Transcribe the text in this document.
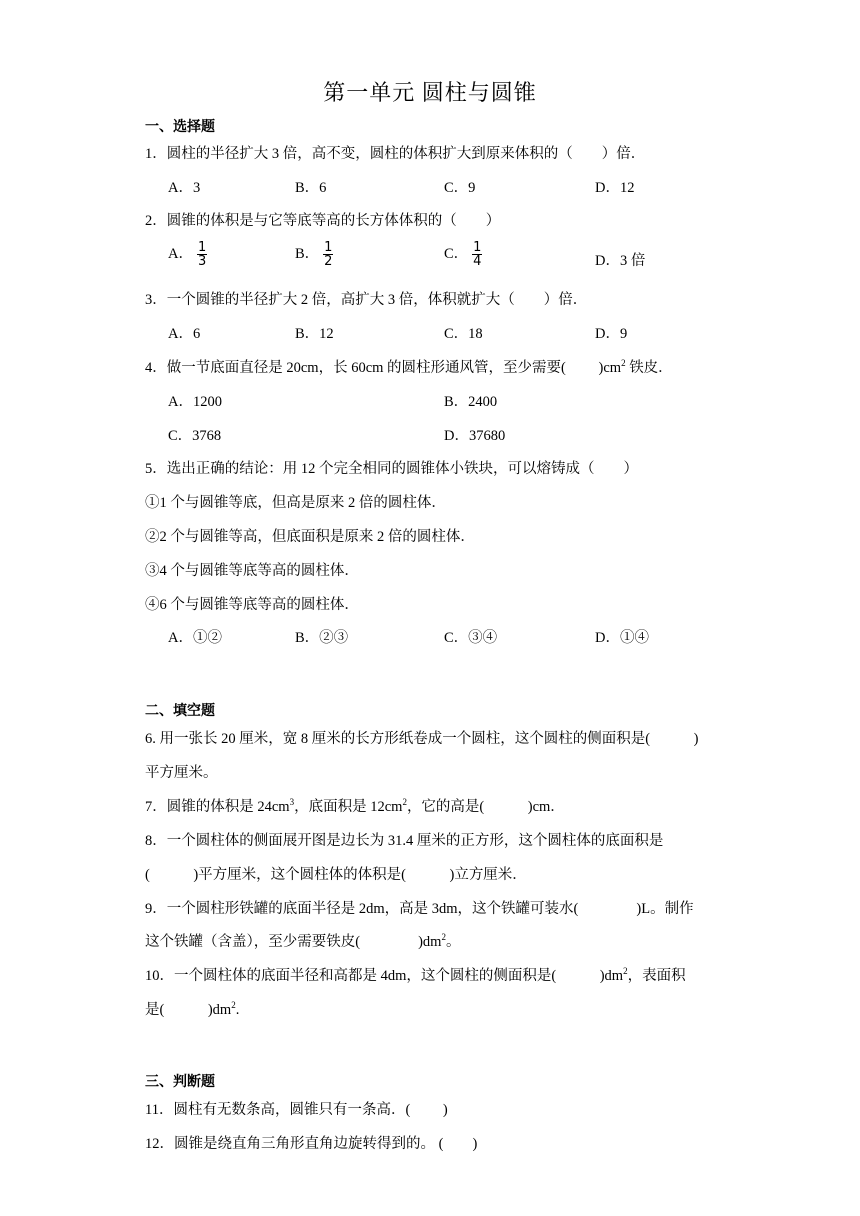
第一单元 圆柱与圆锥
一、选择题
1．圆柱的半径扩大 3 倍，高不变，圆柱的体积扩大到原来体积的（　　）倍．
A．3	B．6	C．9	D．12
2．圆锥的体积是与它等底等高的长方体体积的（　　）
A． $\frac{1}{3}$	B． $\frac{1}{2}$	C． $\frac{1}{4}$	D．3 倍
3．一个圆锥的半径扩大 2 倍，高扩大 3 倍，体积就扩大（　　）倍．
A．6	B．12	C．18	D．9
4．做一节底面直径是 20cm，长 60cm 的圆柱形通风管，至少需要(　　 )$cm^2$ 铁皮．
A．1200	B．2400
C．3768	D．37680
5．选出正确的结论：用 12 个完全相同的圆锥体小铁块，可以熔铸成（　　）
①1 个与圆锥等底，但高是原来 2 倍的圆柱体．
②2 个与圆锥等高，但底面积是原来 2 倍的圆柱体．
③4 个与圆锥等底等高的圆柱体．
④6 个与圆锥等底等高的圆柱体．
A．①②	B．②③	C．③④	D．①④
二、填空题
6. 用一张长 20 厘米，宽 8 厘米的长方形纸卷成一个圆柱，这个圆柱的侧面积是(　　　)
平方厘米。
7．圆锥的体积是 $24cm^3$，底面积是 $12cm^2$，它的高是(　　　)cm．
8．一个圆柱体的侧面展开图是边长为 31.4 厘米的正方形，这个圆柱体的底面积是
(　　　)平方厘米，这个圆柱体的体积是(　　　)立方厘米．
9．一个圆柱形铁罐的底面半径是 2dm，高是 3dm，这个铁罐可装水(　　　　)L。制作
这个铁罐（含盖），至少需要铁皮(　　　　)$dm^2$。
10．一个圆柱体的底面半径和高都是 4dm，这个圆柱的侧面积是(　　　)$dm^2$，表面积
是(　　　)$dm^2$.
三、判断题
11．圆柱有无数条高，圆锥只有一条高．(　　 )
12．圆锥是绕直角三角形直角边旋转得到的。 (　　)
